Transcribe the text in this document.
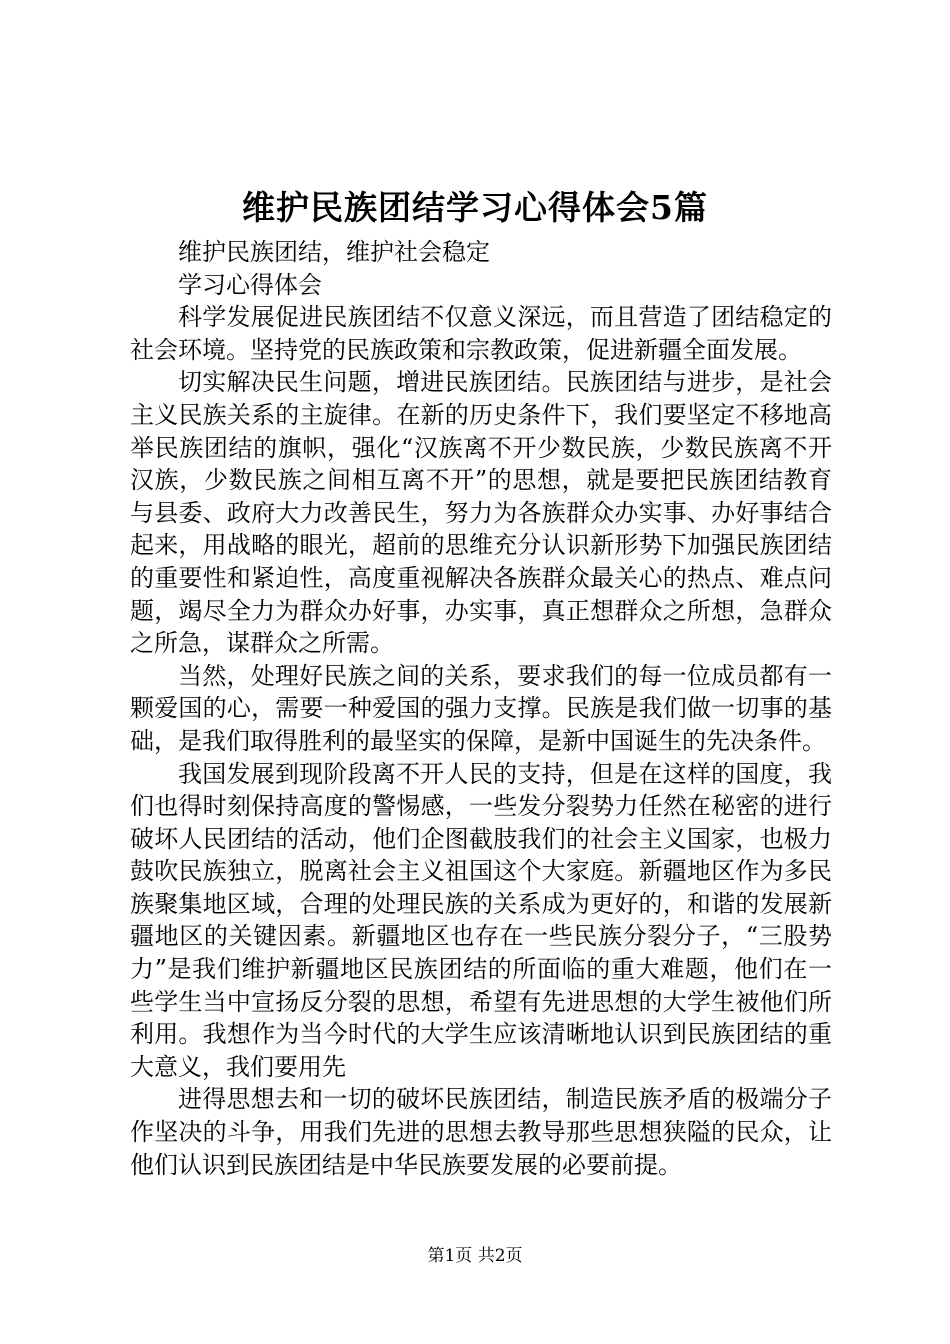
维护民族团结学习心得体会5篇

维护民族团结，维护社会稳定

学习心得体会

科学发展促进民族团结不仅意义深远，而且营造了团结稳定的社会环境。坚持党的民族政策和宗教政策，促进新疆全面发展。

切实解决民生问题，增进民族团结。民族团结与进步，是社会主义民族关系的主旋律。在新的历史条件下，我们要坚定不移地高举民族团结的旗帜，强化“汉族离不开少数民族，少数民族离不开汉族，少数民族之间相互离不开”的思想，就是要把民族团结教育与县委、政府大力改善民生，努力为各族群众办实事、办好事结合起来，用战略的眼光，超前的思维充分认识新形势下加强民族团结的重要性和紧迫性，高度重视解决各族群众最关心的热点、难点问题，竭尽全力为群众办好事，办实事，真正想群众之所想，急群众之所急，谋群众之所需。

当然，处理好民族之间的关系，要求我们的每一位成员都有一颗爱国的心，需要一种爱国的强力支撑。民族是我们做一切事的基础，是我们取得胜利的最坚实的保障，是新中国诞生的先决条件。

我国发展到现阶段离不开人民的支持，但是在这样的国度，我们也得时刻保持高度的警惕感，一些发分裂势力任然在秘密的进行破坏人民团结的活动，他们企图截肢我们的社会主义国家，也极力鼓吹民族独立，脱离社会主义祖国这个大家庭。新疆地区作为多民族聚集地区域，合理的处理民族的关系成为更好的，和谐的发展新疆地区的关键因素。新疆地区也存在一些民族分裂分子，“三股势力”是我们维护新疆地区民族团结的所面临的重大难题，他们在一些学生当中宣扬反分裂的思想，希望有先进思想的大学生被他们所利用。我想作为当今时代的大学生应该清晰地认识到民族团结的重大意义，我们要用先

进得思想去和一切的破坏民族团结，制造民族矛盾的极端分子作坚决的斗争，用我们先进的思想去教导那些思想狭隘的民众，让他们认识到民族团结是中华民族要发展的必要前提。

第1页 共2页
